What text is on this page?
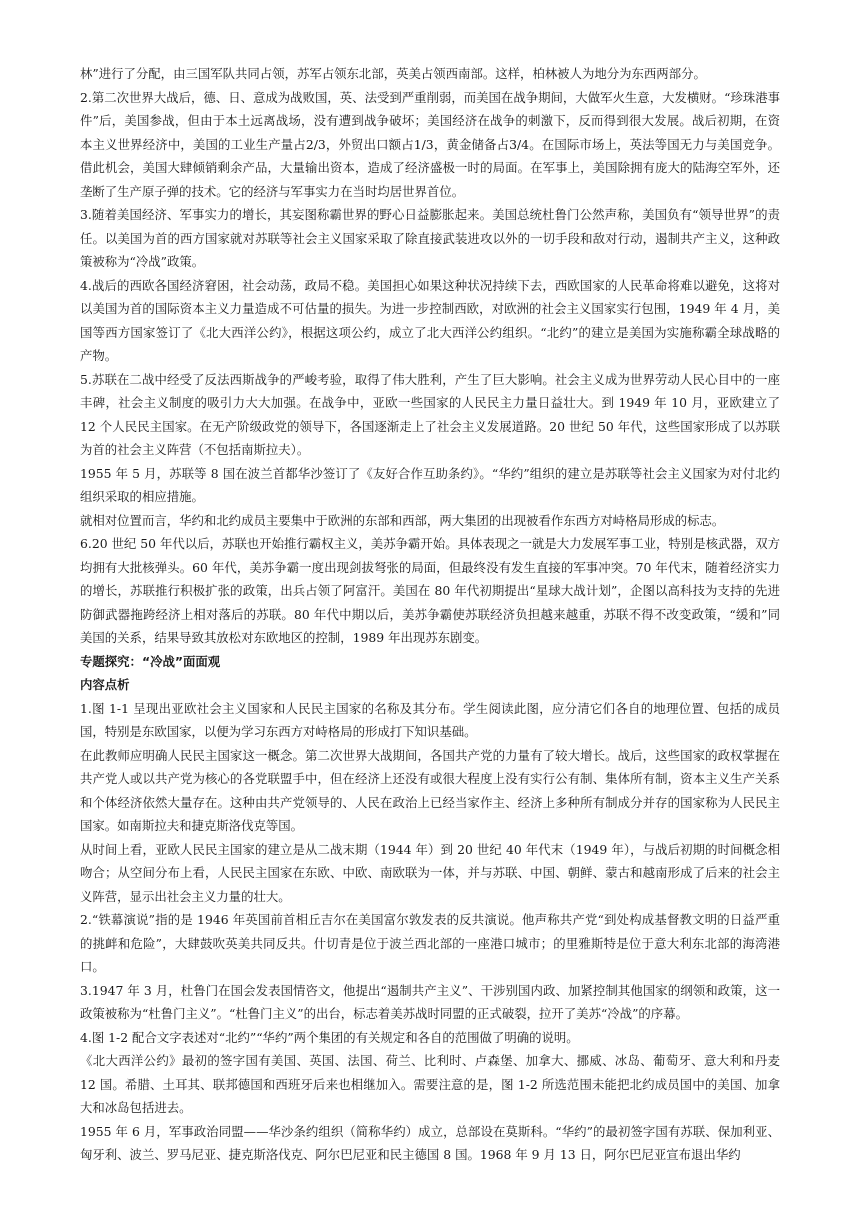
林”进行了分配，由三国军队共同占领，苏军占领东北部，英美占领西南部。这样，柏林被人为地分为东西两部分。

2.第二次世界大战后，德、日、意成为战败国，英、法受到严重削弱，而美国在战争期间，大做军火生意，大发横财。“珍珠港事件”后，美国参战，但由于本土远离战场，没有遭到战争破坏；美国经济在战争的刺激下，反而得到很大发展。战后初期，在资本主义世界经济中，美国的工业生产量占2/3，外贸出口额占1/3，黄金储备占3/4。在国际市场上，英法等国无力与美国竞争。借此机会，美国大肆倾销剩余产品，大量输出资本，造成了经济盛极一时的局面。在军事上，美国除拥有庞大的陆海空军外，还垄断了生产原子弹的技术。它的经济与军事实力在当时均居世界首位。

3.随着美国经济、军事实力的增长，其妄图称霸世界的野心日益膨胀起来。美国总统杜鲁门公然声称，美国负有“领导世界”的责任。以美国为首的西方国家就对苏联等社会主义国家采取了除直接武装进攻以外的一切手段和敌对行动，遏制共产主义，这种政策被称为“冷战”政策。

4.战后的西欧各国经济窘困，社会动荡，政局不稳。美国担心如果这种状况持续下去，西欧国家的人民革命将难以避免，这将对以美国为首的国际资本主义力量造成不可估量的损失。为进一步控制西欧，对欧洲的社会主义国家实行包围，1949 年 4 月，美国等西方国家签订了《北大西洋公约》，根据这项公约，成立了北大西洋公约组织。“北约”的建立是美国为实施称霸全球战略的产物。

5.苏联在二战中经受了反法西斯战争的严峻考验，取得了伟大胜利，产生了巨大影响。社会主义成为世界劳动人民心目中的一座丰碑，社会主义制度的吸引力大大加强。在战争中，亚欧一些国家的人民民主力量日益壮大。到 1949 年 10 月，亚欧建立了 12 个人民民主国家。在无产阶级政党的领导下，各国逐渐走上了社会主义发展道路。20 世纪 50 年代，这些国家形成了以苏联为首的社会主义阵营（不包括南斯拉夫）。

1955 年 5 月，苏联等 8 国在波兰首都华沙签订了《友好合作互助条约》。“华约”组织的建立是苏联等社会主义国家为对付北约组织采取的相应措施。

就相对位置而言，华约和北约成员主要集中于欧洲的东部和西部，两大集团的出现被看作东西方对峙格局形成的标志。

6.20 世纪 50 年代以后，苏联也开始推行霸权主义，美苏争霸开始。具体表现之一就是大力发展军事工业，特别是核武器，双方均拥有大批核弹头。60 年代，美苏争霸一度出现剑拔弩张的局面，但最终没有发生直接的军事冲突。70 年代末，随着经济实力的增长，苏联推行积极扩张的政策，出兵占领了阿富汗。美国在 80 年代初期提出“星球大战计划”，企图以高科技为支持的先进防御武器拖跨经济上相对落后的苏联。80 年代中期以后，美苏争霸使苏联经济负担越来越重，苏联不得不改变政策，“缓和”同美国的关系，结果导致其放松对东欧地区的控制，1989 年出现苏东剧变。

专题探究：“冷战”面面观

内容点析

1.图 1-1 呈现出亚欧社会主义国家和人民民主国家的名称及其分布。学生阅读此图，应分清它们各自的地理位置、包括的成员国，特别是东欧国家，以便为学习东西方对峙格局的形成打下知识基础。

在此教师应明确人民民主国家这一概念。第二次世界大战期间，各国共产党的力量有了较大增长。战后，这些国家的政权掌握在共产党人或以共产党为核心的各党联盟手中，但在经济上还没有或很大程度上没有实行公有制、集体所有制，资本主义生产关系和个体经济依然大量存在。这种由共产党领导的、人民在政治上已经当家作主、经济上多种所有制成分并存的国家称为人民民主国家。如南斯拉夫和捷克斯洛伐克等国。

从时间上看，亚欧人民民主国家的建立是从二战末期（1944 年）到 20 世纪 40 年代末（1949 年），与战后初期的时间概念相吻合；从空间分布上看，人民民主国家在东欧、中欧、南欧联为一体，并与苏联、中国、朝鲜、蒙古和越南形成了后来的社会主义阵营，显示出社会主义力量的壮大。

2.“铁幕演说”指的是 1946 年英国前首相丘吉尔在美国富尔敦发表的反共演说。他声称共产党“到处构成基督教文明的日益严重的挑衅和危险”，大肆鼓吹英美共同反共。什切青是位于波兰西北部的一座港口城市；的里雅斯特是位于意大利东北部的海湾港口。

3.1947 年 3 月，杜鲁门在国会发表国情咨文，他提出“遏制共产主义”、干涉别国内政、加紧控制其他国家的纲领和政策，这一政策被称为“杜鲁门主义”。“杜鲁门主义”的出台，标志着美苏战时同盟的正式破裂，拉开了美苏“冷战”的序幕。

4.图 1-2 配合文字表述对“北约”“华约”两个集团的有关规定和各自的范围做了明确的说明。

《北大西洋公约》最初的签字国有美国、英国、法国、荷兰、比利时、卢森堡、加拿大、挪威、冰岛、葡萄牙、意大利和丹麦 12 国。希腊、土耳其、联邦德国和西班牙后来也相继加入。需要注意的是，图 1-2 所选范围未能把北约成员国中的美国、加拿大和冰岛包括进去。

1955 年 6 月，军事政治同盟——华沙条约组织（简称华约）成立，总部设在莫斯科。“华约”的最初签字国有苏联、保加利亚、匈牙利、波兰、罗马尼亚、捷克斯洛伐克、阿尔巴尼亚和民主德国 8 国。1968 年 9 月 13 日，阿尔巴尼亚宣布退出华约
